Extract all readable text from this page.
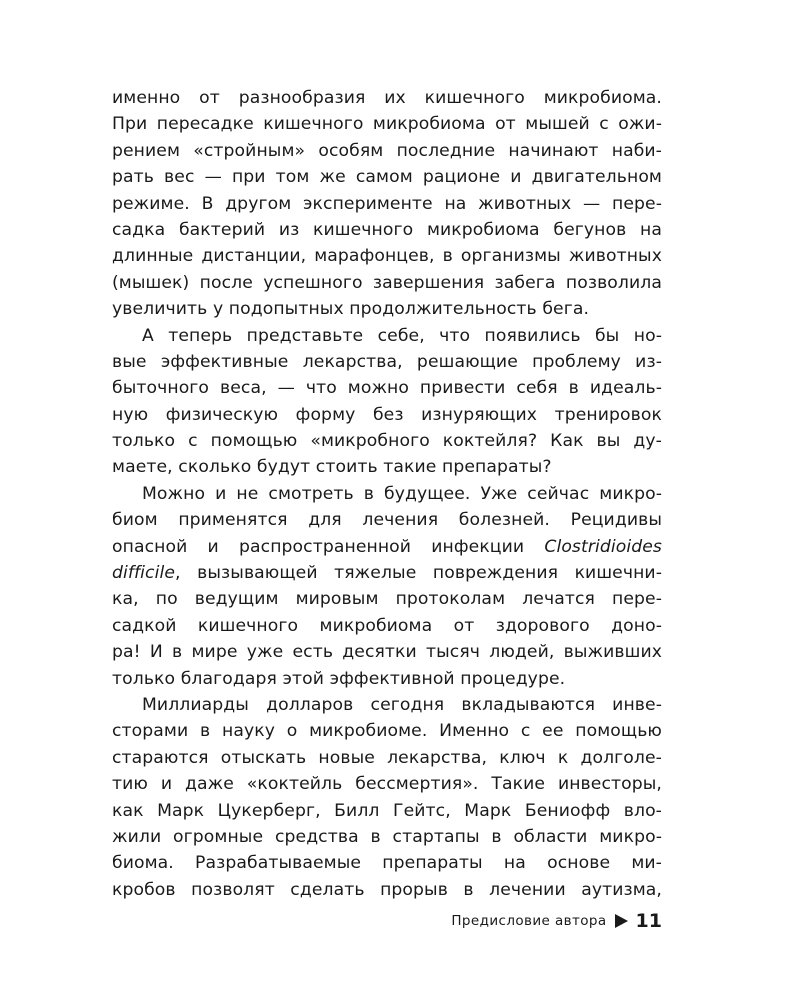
именно от разнообразия их кишечного микробиома.
При пересадке кишечного микробиома от мышей с ожи-
рением «стройным» особям последние начинают наби-
рать вес — при том же самом рационе и двигательном
режиме. В другом эксперименте на животных — пере-
садка бактерий из кишечного микробиома бегунов на
длинные дистанции, марафонцев, в организмы животных
(мышек) после успешного завершения забега позволила
увеличить у подопытных продолжительность бега.
А теперь представьте себе, что появились бы но-
вые эффективные лекарства, решающие проблему из-
быточного веса, — что можно привести себя в идеаль-
ную физическую форму без изнуряющих тренировок
только с помощью «микробного коктейля? Как вы ду-
маете, сколько будут стоить такие препараты?
Можно и не смотреть в будущее. Уже сейчас микро-
биом применятся для лечения болезней. Рецидивы
опасной и распространенной инфекции Clostridioides
difficile, вызывающей тяжелые повреждения кишечни-
ка, по ведущим мировым протоколам лечатся пере-
садкой кишечного микробиома от здорового доно-
ра! И в мире уже есть десятки тысяч людей, выживших
только благодаря этой эффективной процедуре.
Миллиарды долларов сегодня вкладываются инве-
сторами в науку о микробиоме. Именно с ее помощью
стараются отыскать новые лекарства, ключ к долголе-
тию и даже «коктейль бессмертия». Такие инвесторы,
как Марк Цукерберг, Билл Гейтс, Марк Бениофф вло-
жили огромные средства в стартапы в области микро-
биома. Разрабатываемые препараты на основе ми-
кробов позволят сделать прорыв в лечении аутизма,
Предисловие автора 11
